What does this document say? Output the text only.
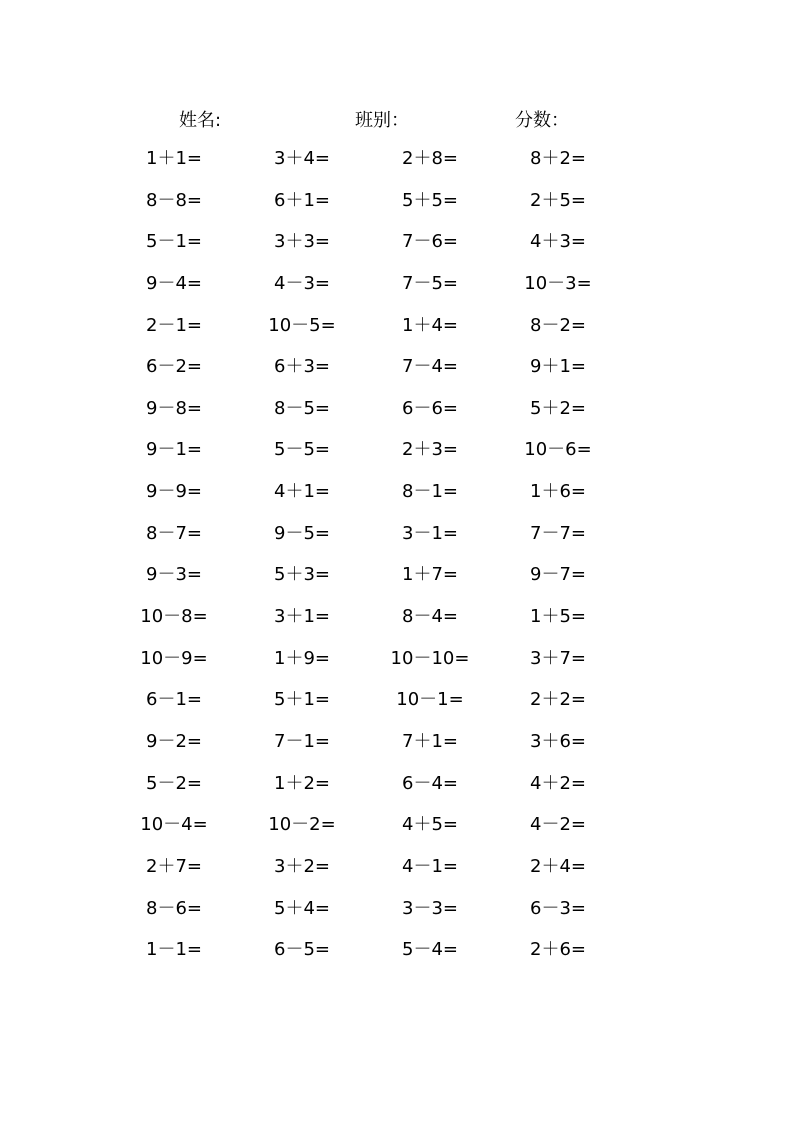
姓名:	班别：	分数：
1＋1=	3＋4=	2＋8=	8＋2=
8－8=	6＋1=	5＋5=	2＋5=
5－1=	3＋3=	7－6=	4＋3=
9－4=	4－3=	7－5=	10－3=
2－1=	10－5=	1＋4=	8－2=
6－2=	6＋3=	7－4=	9＋1=
9－8=	8－5=	6－6=	5＋2=
9－1=	5－5=	2＋3=	10－6=
9－9=	4＋1=	8－1=	1＋6=
8－7=	9－5=	3－1=	7－7=
9－3=	5＋3=	1＋7=	9－7=
10－8=	3＋1=	8－4=	1＋5=
10－9=	1＋9=	10－10=	3＋7=
6－1=	5＋1=	10－1=	2＋2=
9－2=	7－1=	7＋1=	3＋6=
5－2=	1＋2=	6－4=	4＋2=
10－4=	10－2=	4＋5=	4－2=
2＋7=	3＋2=	4－1=	2＋4=
8－6=	5＋4=	3－3=	6－3=
1－1=	6－5=	5－4=	2＋6=
